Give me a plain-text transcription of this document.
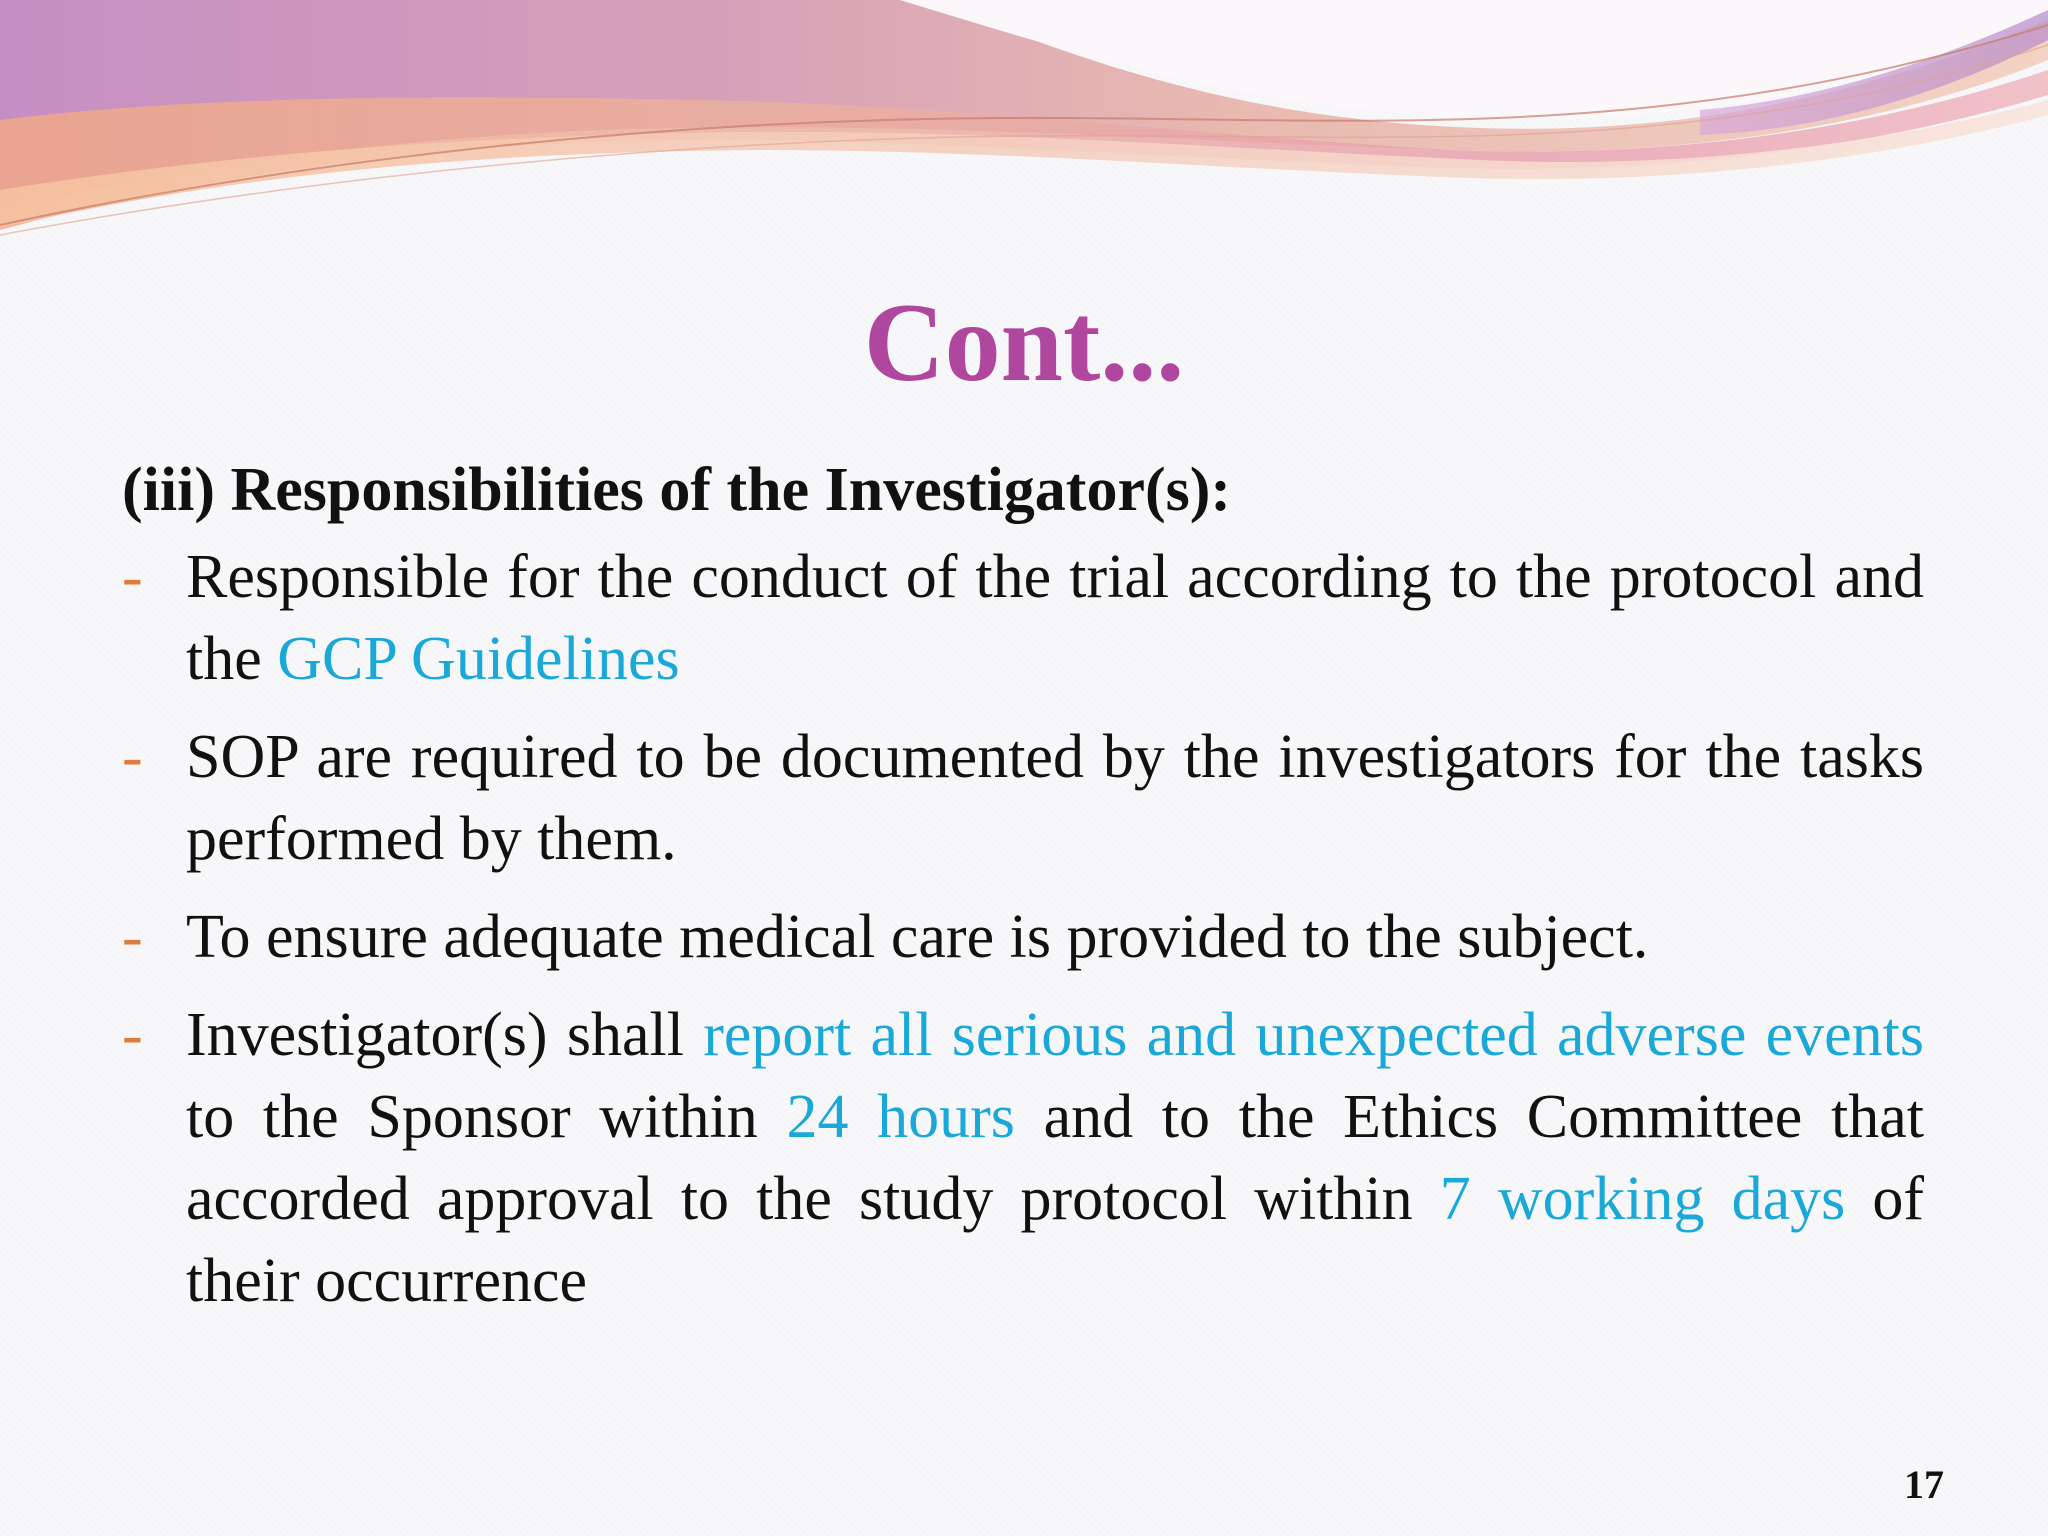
Cont...
(iii) Responsibilities of the Investigator(s):
- Responsible for the conduct of the trial according to the protocol and the GCP Guidelines
- SOP are required to be documented by the investigators for the tasks performed by them.
- To ensure adequate medical care is provided to the subject.
- Investigator(s) shall report all serious and unexpected adverse events to the Sponsor within 24 hours and to the Ethics Committee that accorded approval to the study protocol within 7 working days of their occurrence
17
